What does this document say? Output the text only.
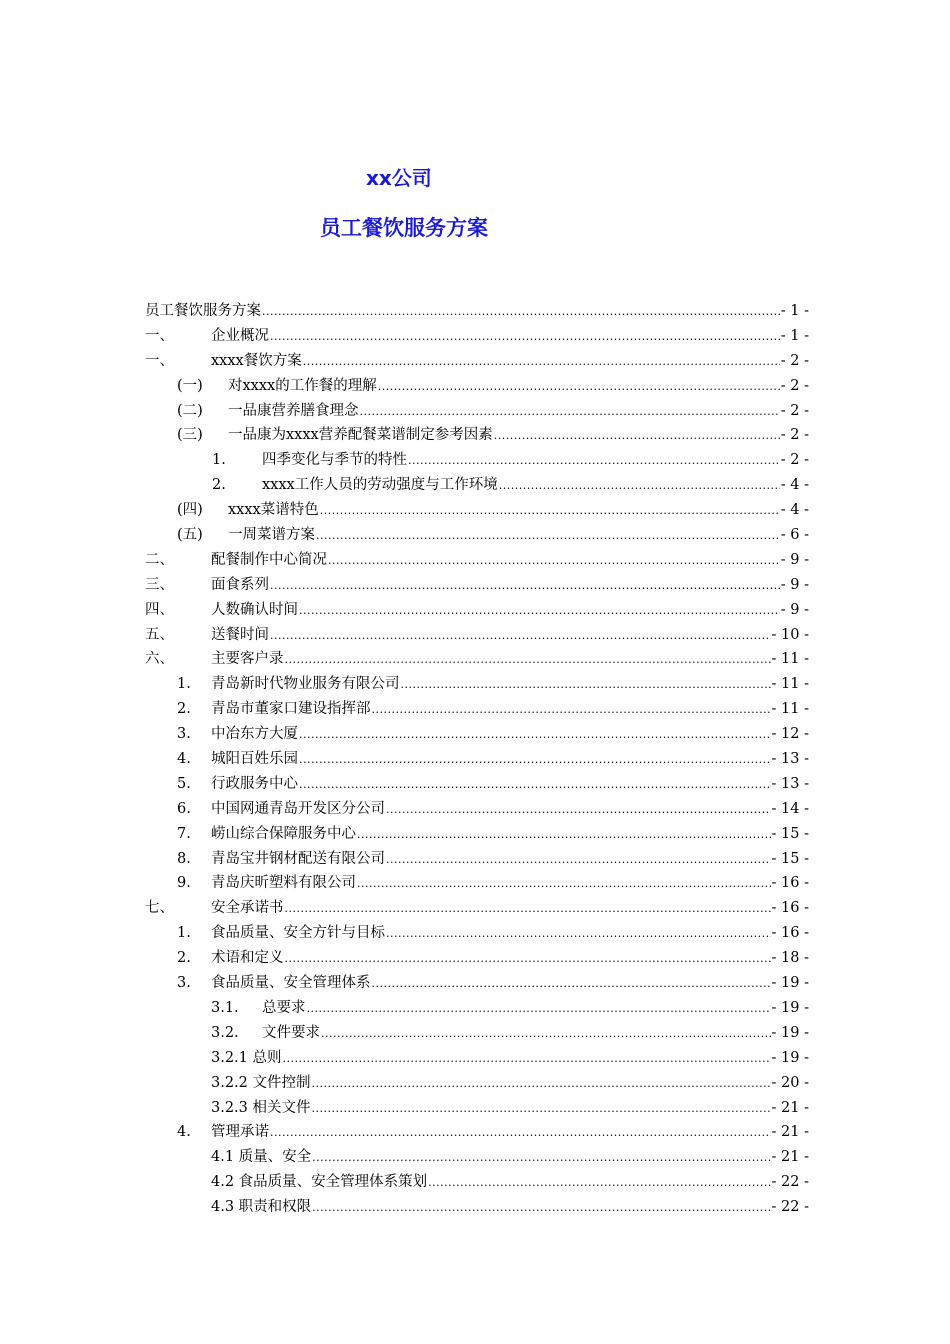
xx公司
员工餐饮服务方案
员工餐饮服务方案 .....	- 1 -
一、	企业概况 .....	- 1 -
一、	xxxx餐饮方案 .....	- 2 -
(一)	对xxxx的工作餐的理解 .....	- 2 -
(二)	一品康营养膳食理念 .....	- 2 -
(三)	一品康为xxxx营养配餐菜谱制定参考因素 .....	- 2 -
1.	四季变化与季节的特性 .....	- 2 -
2.	xxxx工作人员的劳动强度与工作环境 .....	- 4 -
(四)	xxxx菜谱特色 .....	- 4 -
(五)	一周菜谱方案 .....	- 6 -
二、	配餐制作中心简况 .....	- 9 -
三、	面食系列 .....	- 9 -
四、	人数确认时间 .....	- 9 -
五、	送餐时间 .....	- 10 -
六、	主要客户录 .....	- 11 -
1.	青岛新时代物业服务有限公司 .....	- 11 -
2.	青岛市董家口建设指挥部 .....	- 11 -
3.	中冶东方大厦 .....	- 12 -
4.	城阳百姓乐园 .....	- 13 -
5.	行政服务中心 .....	- 13 -
6.	中国网通青岛开发区分公司 .....	- 14 -
7.	崂山综合保障服务中心 .....	- 15 -
8.	青岛宝井钢材配送有限公司 .....	- 15 -
9.	青岛庆昕塑料有限公司 .....	- 16 -
七、	安全承诺书 .....	- 16 -
1.	食品质量、安全方针与目标 .....	- 16 -
2.	术语和定义 .....	- 18 -
3.	食品质量、安全管理体系 .....	- 19 -
3.1.	总要求 .....	- 19 -
3.2.	文件要求 .....	- 19 -
3.2.1 总则 .....	- 19 -
3.2.2 文件控制 .....	- 20 -
3.2.3 相关文件 .....	- 21 -
4.	管理承诺 .....	- 21 -
4.1 质量、安全 .....	- 21 -
4.2 食品质量、安全管理体系策划 .....	- 22 -
4.3 职责和权限 .....	- 22 -
